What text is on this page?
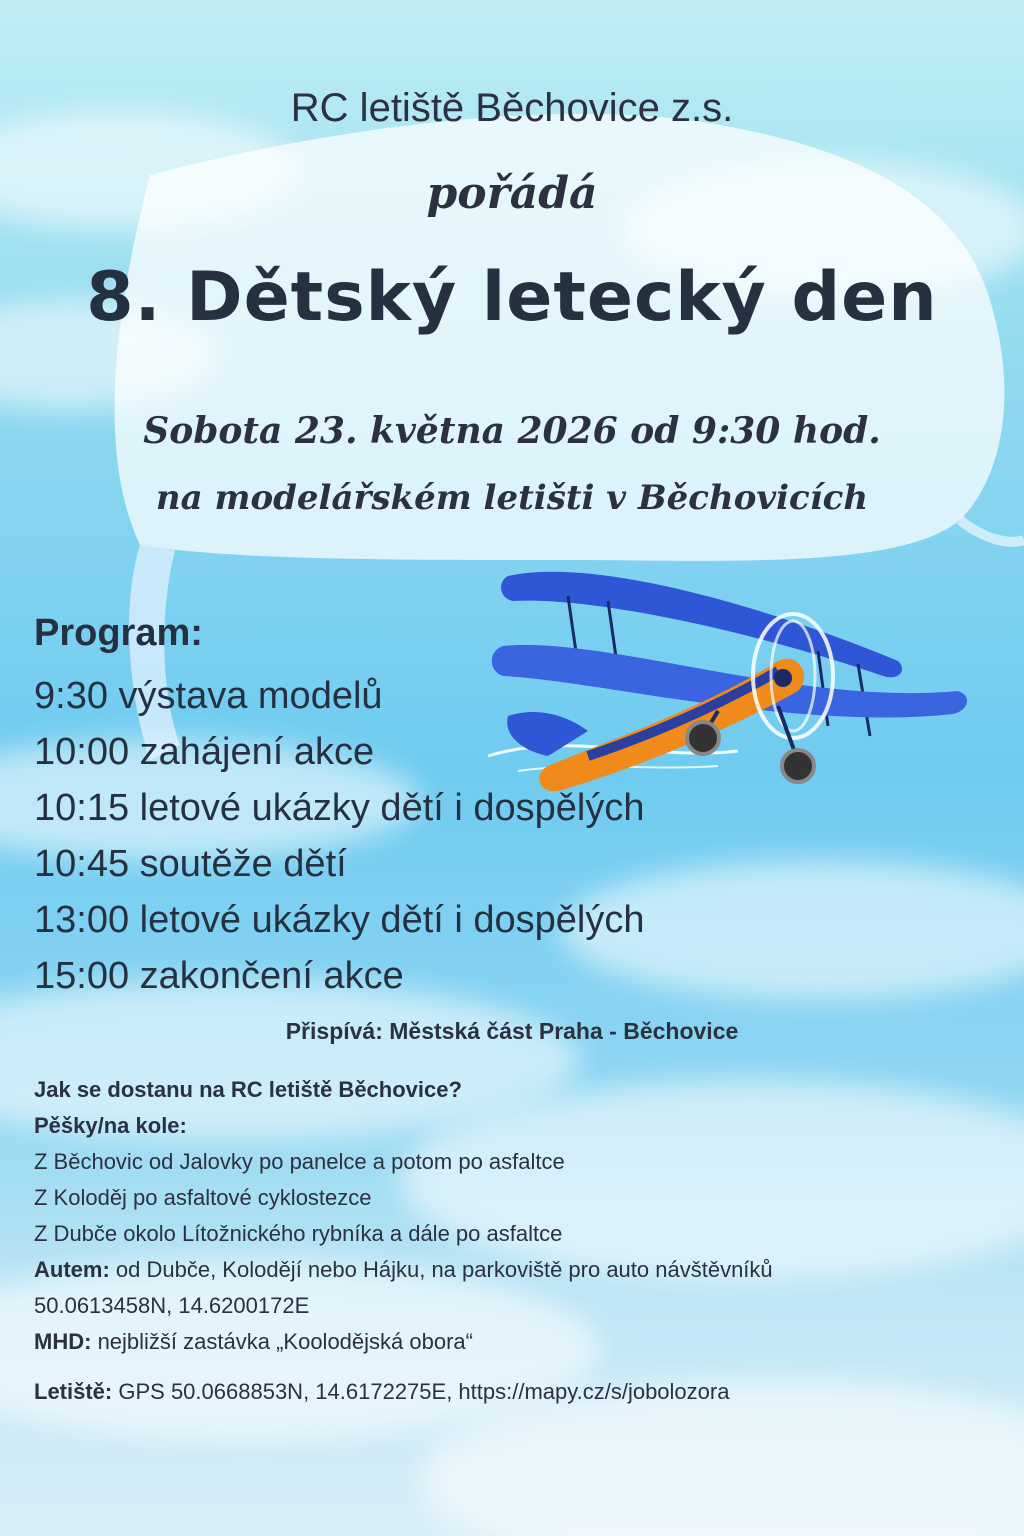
RC letiště Běchovice z.s.
pořádá
8. Dětský letecký den
Sobota 23. května 2026 od 9:30 hod.
na modelářském letišti v Běchovicích
Program:
9:30 výstava modelů
10:00 zahájení akce
10:15 letové ukázky dětí i dospělých
10:45 soutěže dětí
13:00 letové ukázky dětí i dospělých
15:00 zakončení akce
Přispívá: Městská část Praha - Běchovice
Jak se dostanu na RC letiště Běchovice?
Pěšky/na kole:
Z Běchovic od Jalovky po panelce a potom po asfaltce
Z Koloděj po asfaltové cyklostezce
Z Dubče okolo Lítožnického rybníka a dále po asfaltce
Autem: od Dubče, Kolodějí nebo Hájku, na parkoviště pro auto návštěvníků
50.0613458N, 14.6200172E
MHD: nejbližší zastávka „Koolodějská obora“
Letiště: GPS 50.0668853N, 14.6172275E, https://mapy.cz/s/jobolozora
